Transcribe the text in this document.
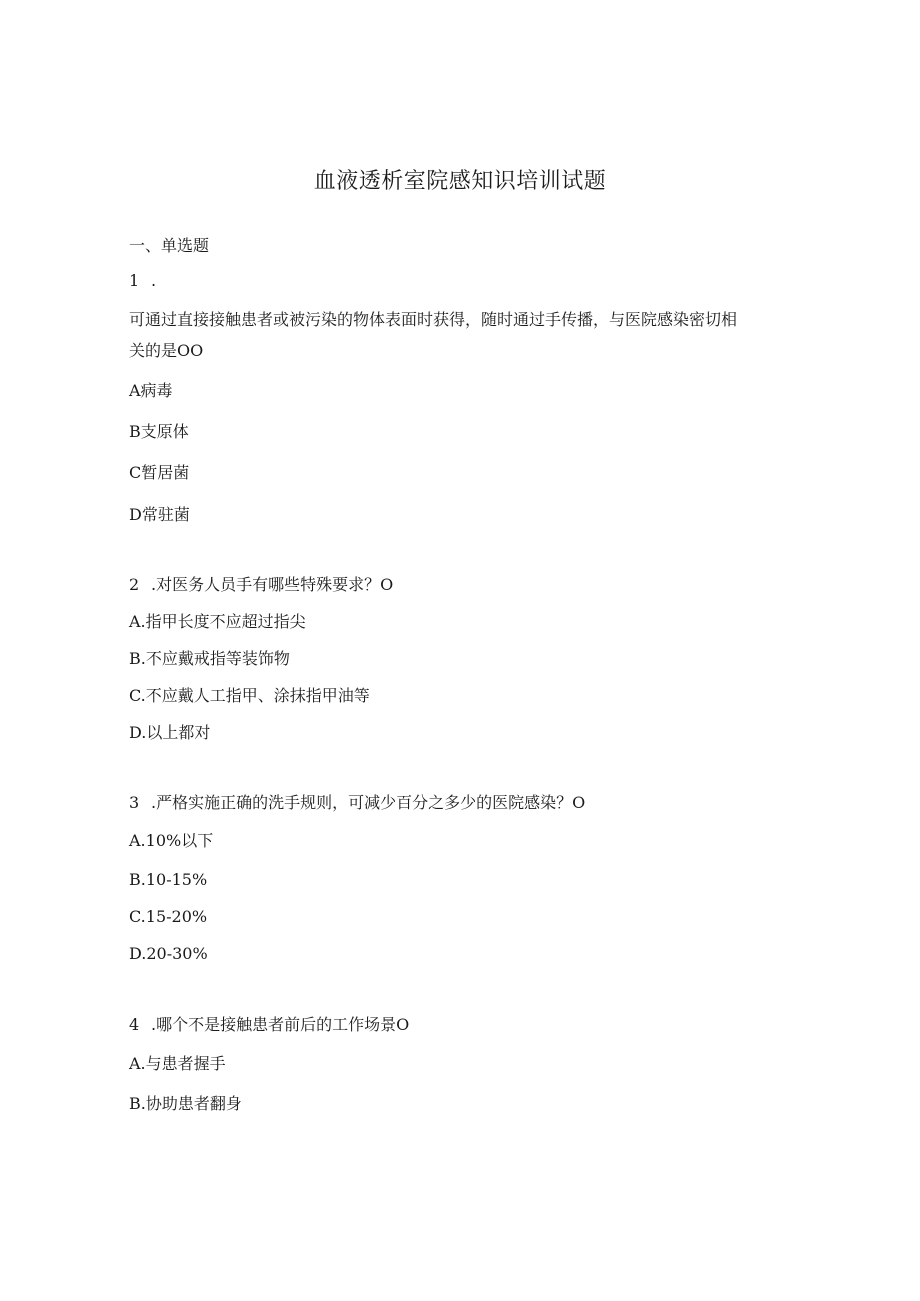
血液透析室院感知识培训试题
一、单选题
1 .
可通过直接接触患者或被污染的物体表面时获得，随时通过手传播，与医院感染密切相
关的是OO
A病毒
B支原体
C暂居菌
D常驻菌
2 .对医务人员手有哪些特殊要求？O
A.指甲长度不应超过指尖
B.不应戴戒指等装饰物
C.不应戴人工指甲、涂抹指甲油等
D.以上都对
3 .严格实施正确的洗手规则，可减少百分之多少的医院感染？O
A.10%以下
B.10-15%
C.15-20%
D.20-30%
4 .哪个不是接触患者前后的工作场景O
A.与患者握手
B.协助患者翻身
